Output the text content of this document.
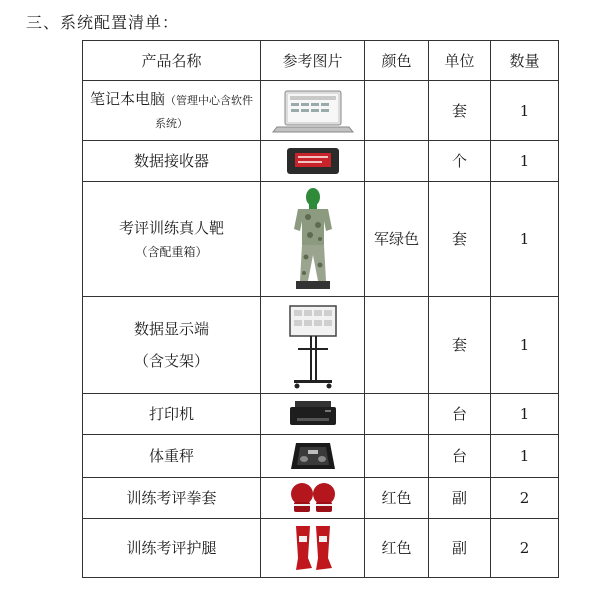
三、系统配置清单：
产品名称	参考图片	颜色	单位	数量

笔记本电脑（管理中心含软件系统）			套	1
数据接收器			个	1

考评训练真人靶
（含配重箱）		军绿色	套	1

数据显示端
（含支架）			套	1
打印机			台	1
体重秤			台	1
训练考评拳套		红色	副	2
训练考评护腿		红色	副	2
